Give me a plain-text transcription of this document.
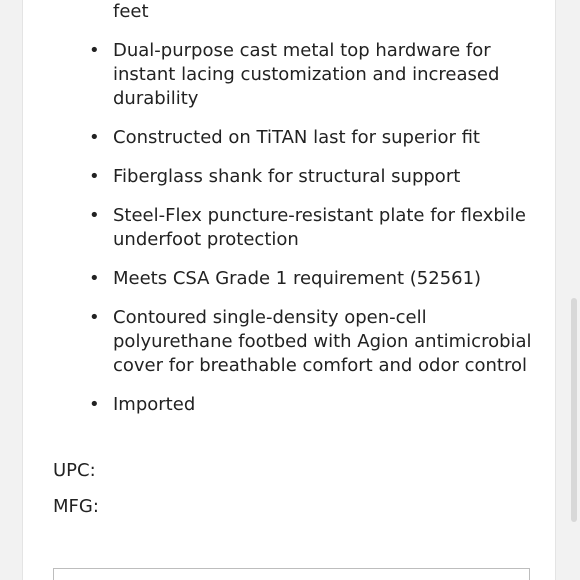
feet
• Dual-purpose cast metal top hardware for instant lacing customization and increased durability
• Constructed on TiTAN last for superior fit
• Fiberglass shank for structural support
• Steel-Flex puncture-resistant plate for flexbile underfoot protection
• Meets CSA Grade 1 requirement (52561)
• Contoured single-density open-cell polyurethane footbed with Agion antimicrobial cover for breathable comfort and odor control
• Imported
UPC:
MFG:
